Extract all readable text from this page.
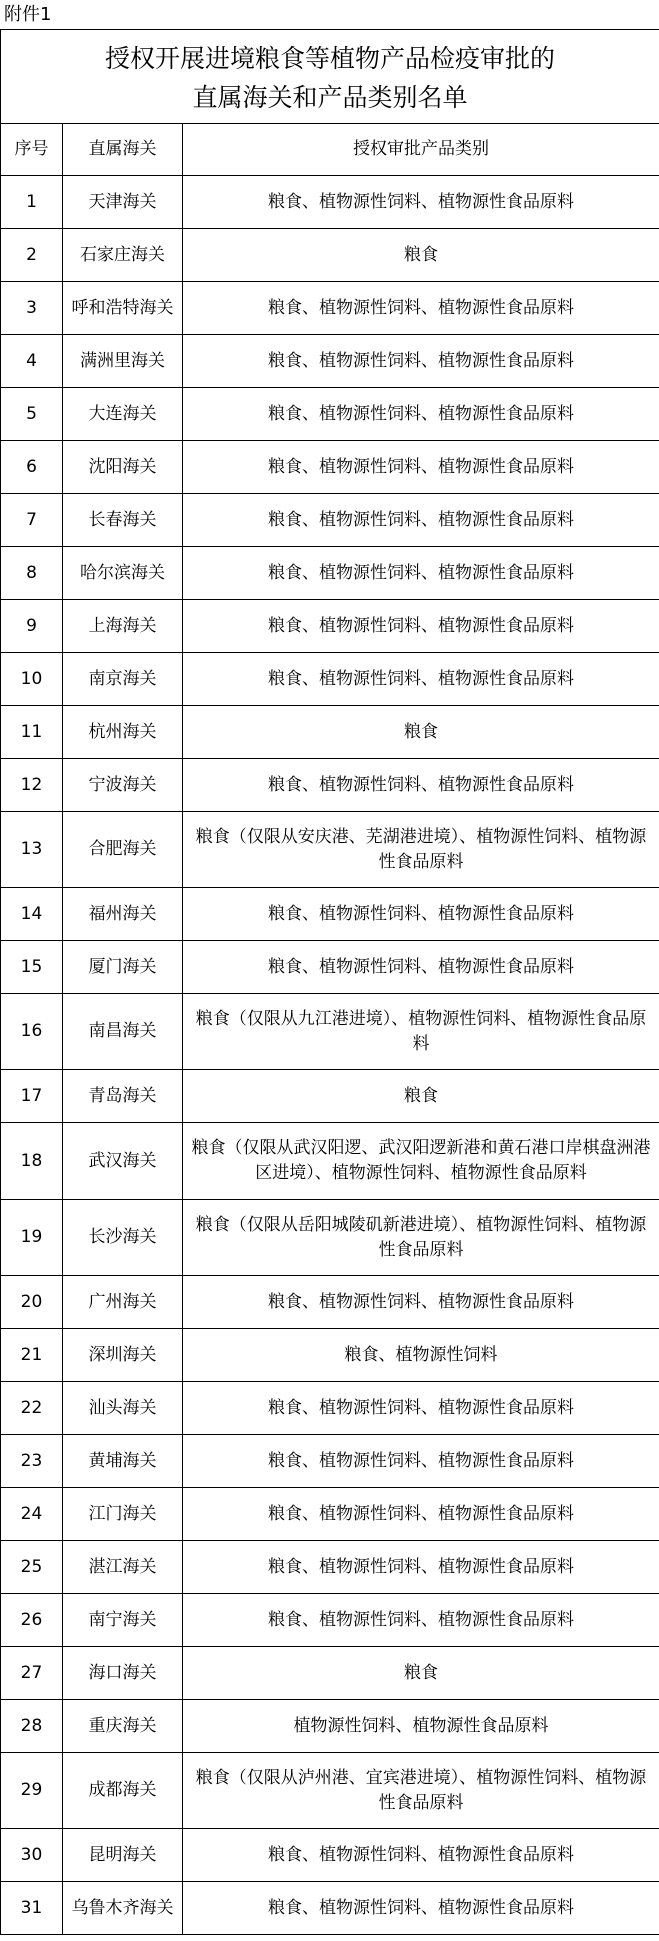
附件1
授权开展进境粮食等植物产品检疫审批的
直属海关和产品类别名单		

序号	直属海关	授权审批产品类别
1	天津海关	粮食、植物源性饲料、植物源性食品原料
2	石家庄海关	粮食
3	呼和浩特海关	粮食、植物源性饲料、植物源性食品原料
4	满洲里海关	粮食、植物源性饲料、植物源性食品原料
5	大连海关	粮食、植物源性饲料、植物源性食品原料
6	沈阳海关	粮食、植物源性饲料、植物源性食品原料
7	长春海关	粮食、植物源性饲料、植物源性食品原料
8	哈尔滨海关	粮食、植物源性饲料、植物源性食品原料
9	上海海关	粮食、植物源性饲料、植物源性食品原料
10	南京海关	粮食、植物源性饲料、植物源性食品原料
11	杭州海关	粮食
12	宁波海关	粮食、植物源性饲料、植物源性食品原料
13	合肥海关	粮食（仅限从安庆港、芜湖港进境）、植物源性饲料、植物源性食品原料
14	福州海关	粮食、植物源性饲料、植物源性食品原料
15	厦门海关	粮食、植物源性饲料、植物源性食品原料
16	南昌海关	粮食（仅限从九江港进境）、植物源性饲料、植物源性食品原料
17	青岛海关	粮食
18	武汉海关	粮食（仅限从武汉阳逻、武汉阳逻新港和黄石港口岸棋盘洲港区进境）、植物源性饲料、植物源性食品原料
19	长沙海关	粮食（仅限从岳阳城陵矶新港进境）、植物源性饲料、植物源性食品原料
20	广州海关	粮食、植物源性饲料、植物源性食品原料
21	深圳海关	粮食、植物源性饲料
22	汕头海关	粮食、植物源性饲料、植物源性食品原料
23	黄埔海关	粮食、植物源性饲料、植物源性食品原料
24	江门海关	粮食、植物源性饲料、植物源性食品原料
25	湛江海关	粮食、植物源性饲料、植物源性食品原料
26	南宁海关	粮食、植物源性饲料、植物源性食品原料
27	海口海关	粮食
28	重庆海关	植物源性饲料、植物源性食品原料
29	成都海关	粮食（仅限从泸州港、宜宾港进境）、植物源性饲料、植物源性食品原料
30	昆明海关	粮食、植物源性饲料、植物源性食品原料
31	乌鲁木齐海关	粮食、植物源性饲料、植物源性食品原料
